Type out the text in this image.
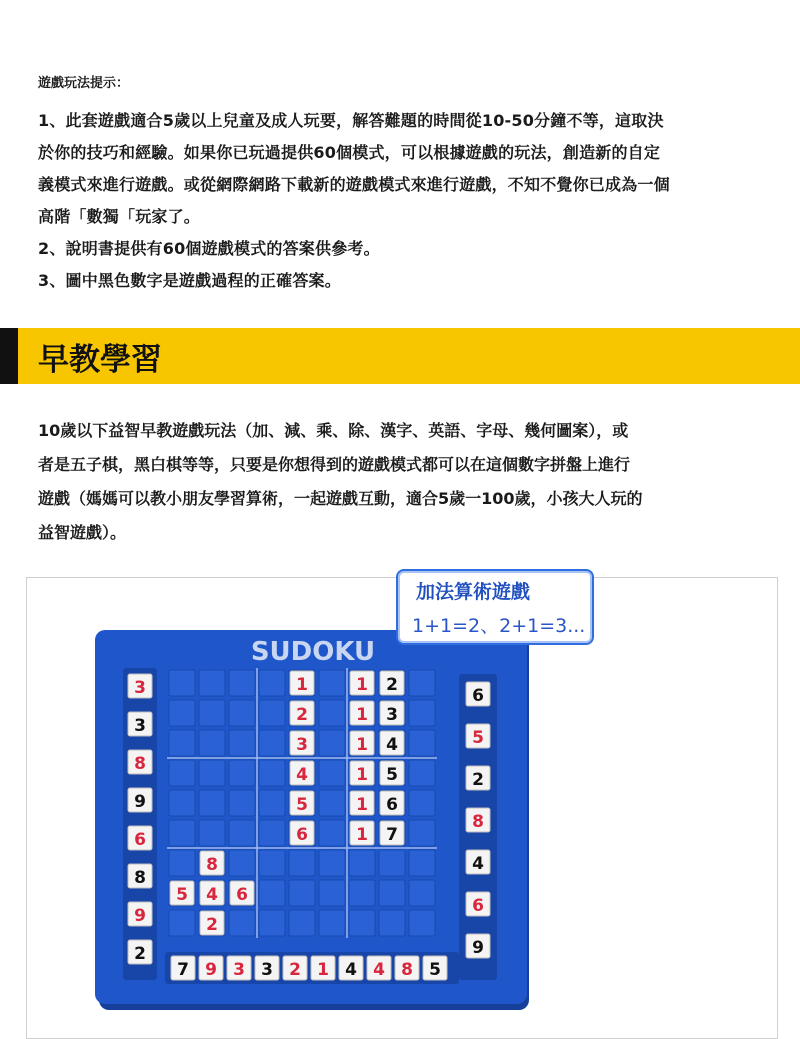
遊戲玩法提示：

1、此套遊戲適合5歲以上兒童及成人玩要，解答難題的時間從10-50分鐘不等，這取決

於你的技巧和經驗。如果你已玩過提供60個模式，可以根據遊戲的玩法，創造新的自定

義模式來進行遊戲。或從網際網路下載新的遊戲模式來進行遊戲，不知不覺你已成為一個

高階「數獨「玩家了。

2、說明書提供有60個遊戲模式的答案供參考。

3、圖中黑色數字是遊戲過程的正確答案。

早教學習

10歲以下益智早教遊戲玩法（加、減、乘、除、漢字、英語、字母、幾何圖案），或

者是五子棋，黑白棋等等，只要是你想得到的遊戲模式都可以在這個數字拼盤上進行

遊戲（媽媽可以教小朋友學習算術，一起遊戲互動，適合5歲一100歲，小孩大人玩的

益智遊戲）。

SUDOKU
1
2
3
4
5
6
1
1
1
1
1
1
2
3
4
5
6
7
8
5 4 6
2
7 9 3 3 2 1 4 4 8 5
3
3
8
9
6
8
9
2
6
5
2
8
4
6
9
加法算術遊戲
1+1=2、2+1=3...
